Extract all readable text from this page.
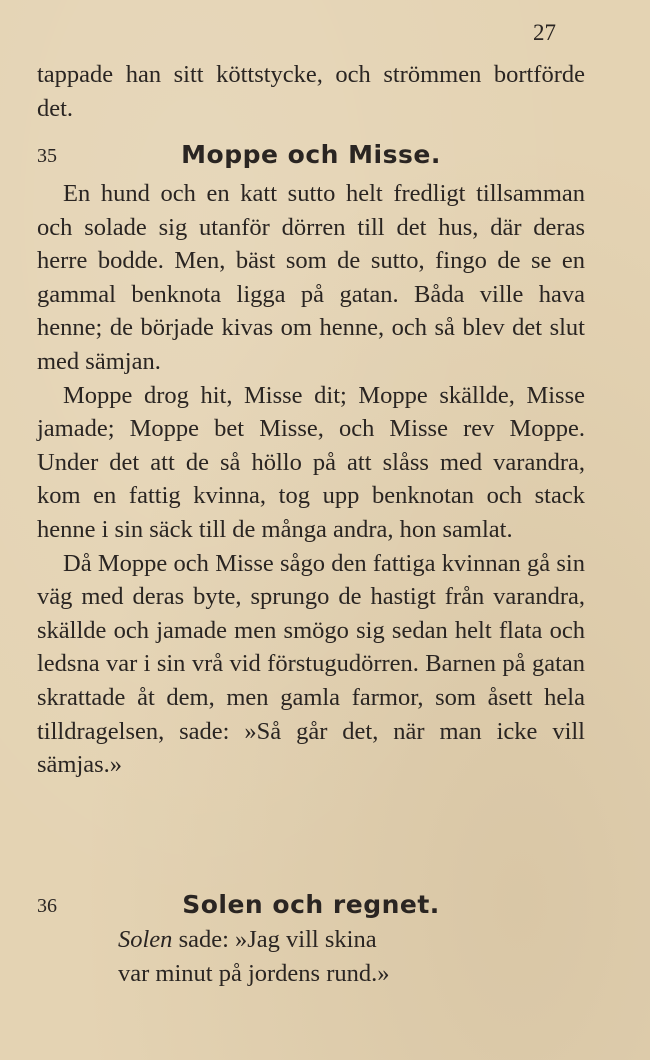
27

tappade han sitt köttstycke, och strömmen bortförde det.

35	Moppe och Misse.

En hund och en katt sutto helt fredligt tillsamman och solade sig utanför dörren till det hus, där deras herre bodde. Men, bäst som de sutto, fingo de se en gammal benknota ligga på gatan. Båda ville hava henne; de började kivas om henne, och så blev det slut med sämjan.

Moppe drog hit, Misse dit; Moppe skällde, Misse jamade; Moppe bet Misse, och Misse rev Moppe. Under det att de så höllo på att slåss med varandra, kom en fattig kvinna, tog upp benknotan och stack henne i sin säck till de många andra, hon samlat.

Då Moppe och Misse sågo den fattiga kvinnan gå sin väg med deras byte, sprungo de hastigt från varandra, skällde och jamade men smögo sig sedan helt flata och ledsna var i sin vrå vid förstugudörren. Barnen på gatan skrattade åt dem, men gamla farmor, som åsett hela tilldragelsen, sade: »Så går det, när man icke vill sämjas.»

36	Solen och regnet.
Solen sade: »Jag vill skina
var minut på jordens rund.»
